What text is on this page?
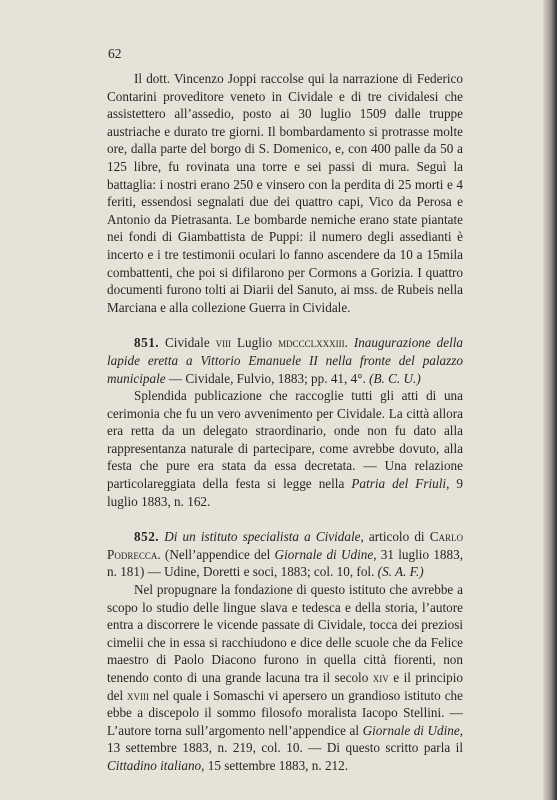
62

Il dott. Vincenzo Joppi raccolse qui la narrazione di Federico Contarini proveditore veneto in Cividale e di tre cividalesi che assistettero all’assedio, posto ai 30 luglio 1509 dalle truppe austriache e durato tre giorni. Il bombardamento si protrasse molte ore, dalla parte del borgo di S. Domenico, e, con 400 palle da 50 a 125 libre, fu rovinata una torre e sei passi di mura. Seguì la battaglia: i nostri erano 250 e vinsero con la perdita di 25 morti e 4 feriti, essendosi segnalati due dei quattro capi, Vico da Perosa e Antonio da Pietrasanta. Le bombarde nemiche erano state piantate nei fondi di Giambattista de Puppi: il numero degli assedianti è incerto e i tre testimonii oculari lo fanno ascendere da 10 a 15mila combattenti, che poi si difilarono per Cormons a Gorizia. I quattro documenti furono tolti ai Diarii del Sanuto, ai mss. de Rubeis nella Marciana e alla collezione Guerra in Cividale.

851. Cividale viii Luglio mdccclxxxiii. Inaugurazione della lapide eretta a Vittorio Emanuele II nella fronte del palazzo municipale — Cividale, Fulvio, 1883; pp. 41, 4°. (B. C. U.)

Splendida publicazione che raccoglie tutti gli atti di una cerimonia che fu un vero avvenimento per Cividale. La città allora era retta da un delegato straordinario, onde non fu dato alla rappresentanza naturale di partecipare, come avrebbe dovuto, alla festa che pure era stata da essa decretata. — Una relazione particolareggiata della festa si legge nella Patria del Friuli, 9 luglio 1883, n. 162.

852. Di un istituto specialista a Cividale, articolo di Carlo Podrecca. (Nell’appendice del Giornale di Udine, 31 luglio 1883, n. 181) — Udine, Doretti e soci, 1883; col. 10, fol. (S. A. F.)

Nel propugnare la fondazione di questo istituto che avrebbe a scopo lo studio delle lingue slava e tedesca e della storia, l’autore entra a discorrere le vicende passate di Cividale, tocca dei preziosi cimelii che in essa si racchiudono e dice delle scuole che da Felice maestro di Paolo Diacono furono in quella città fiorenti, non tenendo conto di una grande lacuna tra il secolo xiv e il principio del xviii nel quale i Somaschi vi apersero un grandioso istituto che ebbe a discepolo il sommo filosofo moralista Iacopo Stellini. — L’autore torna sull’argomento nell’appendice al Giornale di Udine, 13 settembre 1883, n. 219, col. 10. — Di questo scritto parla il Cittadino italiano, 15 settembre 1883, n. 212.
